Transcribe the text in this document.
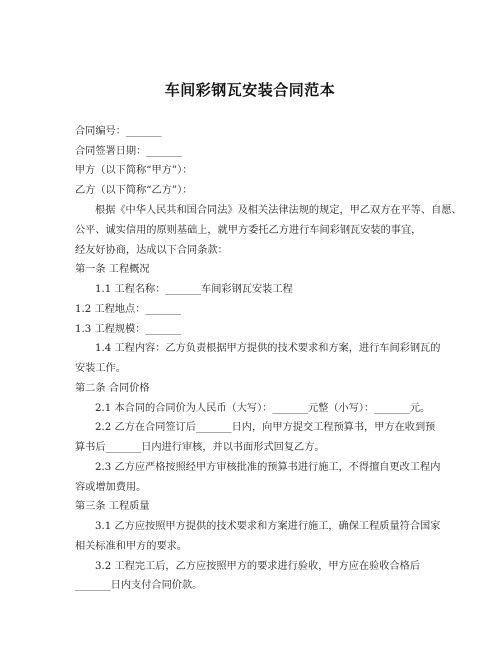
车间彩钢瓦安装合同范本
合同编号：_______
合同签署日期：_______
甲方（以下简称“甲方”）：
乙方（以下简称“乙方”）：
根据《中华人民共和国合同法》及相关法律法规的规定，甲乙双方在平等、自愿、
公平、诚实信用的原则基础上，就甲方委托乙方进行车间彩钢瓦安装的事宜，
经友好协商，达成以下合同条款：
第一条 工程概况
1.1 工程名称：_______车间彩钢瓦安装工程
1.2 工程地点：_______
1.3 工程规模：_______
1.4 工程内容：乙方负责根据甲方提供的技术要求和方案，进行车间彩钢瓦的
安装工作。
第二条 合同价格
2.1 本合同的合同价为人民币（大写）：_______元整（小写）：_______元。
2.2 乙方在合同签订后_______日内，向甲方提交工程预算书，甲方在收到预
算书后_______日内进行审核，并以书面形式回复乙方。
2.3 乙方应严格按照经甲方审核批准的预算书进行施工，不得擅自更改工程内
容或增加费用。
第三条 工程质量
3.1 乙方应按照甲方提供的技术要求和方案进行施工，确保工程质量符合国家
相关标准和甲方的要求。
3.2 工程完工后，乙方应按照甲方的要求进行验收，甲方应在验收合格后
_______日内支付合同价款。
